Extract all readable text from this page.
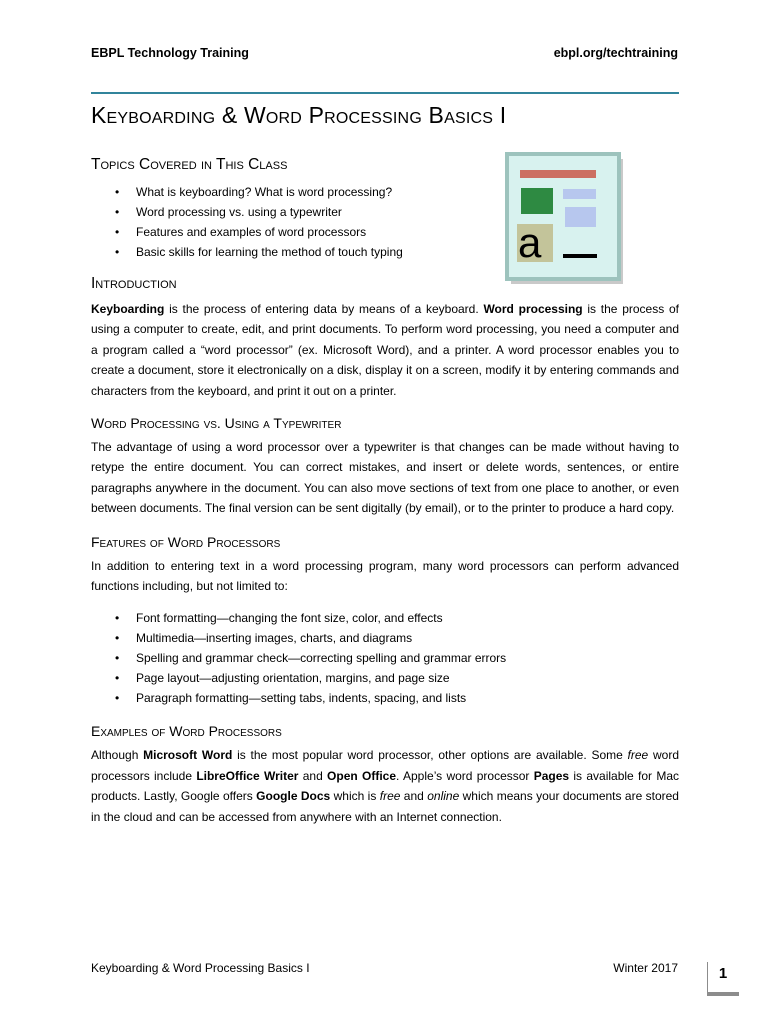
EBPL Technology Training	ebpl.org/techtraining
Keyboarding & Word Processing Basics I
a
Topics Covered in This Class
• What is keyboarding? What is word processing?
• Word processing vs. using a typewriter
• Features and examples of word processors
• Basic skills for learning the method of touch typing
Introduction

Keyboarding is the process of entering data by means of a keyboard. Word processing is the process of using a computer to create, edit, and print documents. To perform word processing, you need a computer and a program called a “word processor” (ex. Microsoft Word), and a printer. A word processor enables you to create a document, store it electronically on a disk, display it on a screen, modify it by entering commands and characters from the keyboard, and print it out on a printer.

Word Processing vs. Using a Typewriter

The advantage of using a word processor over a typewriter is that changes can be made without having to retype the entire document. You can correct mistakes, and insert or delete words, sentences, or entire paragraphs anywhere in the document. You can also move sections of text from one place to another, or even between documents. The final version can be sent digitally (by email), or to the printer to produce a hard copy.

Features of Word Processors

In addition to entering text in a word processing program, many word processors can perform advanced functions including, but not limited to:

• Font formatting—changing the font size, color, and effects
• Multimedia—inserting images, charts, and diagrams
• Spelling and grammar check—correcting spelling and grammar errors
• Page layout—adjusting orientation, margins, and page size
• Paragraph formatting—setting tabs, indents, spacing, and lists
Examples of Word Processors

Although Microsoft Word is the most popular word processor, other options are available. Some free word processors include LibreOffice Writer and Open Office. Apple’s word processor Pages is available for Mac products. Lastly, Google offers Google Docs which is free and online which means your documents are stored in the cloud and can be accessed from anywhere with an Internet connection.

Keyboarding & Word Processing Basics I	Winter 2017	1
